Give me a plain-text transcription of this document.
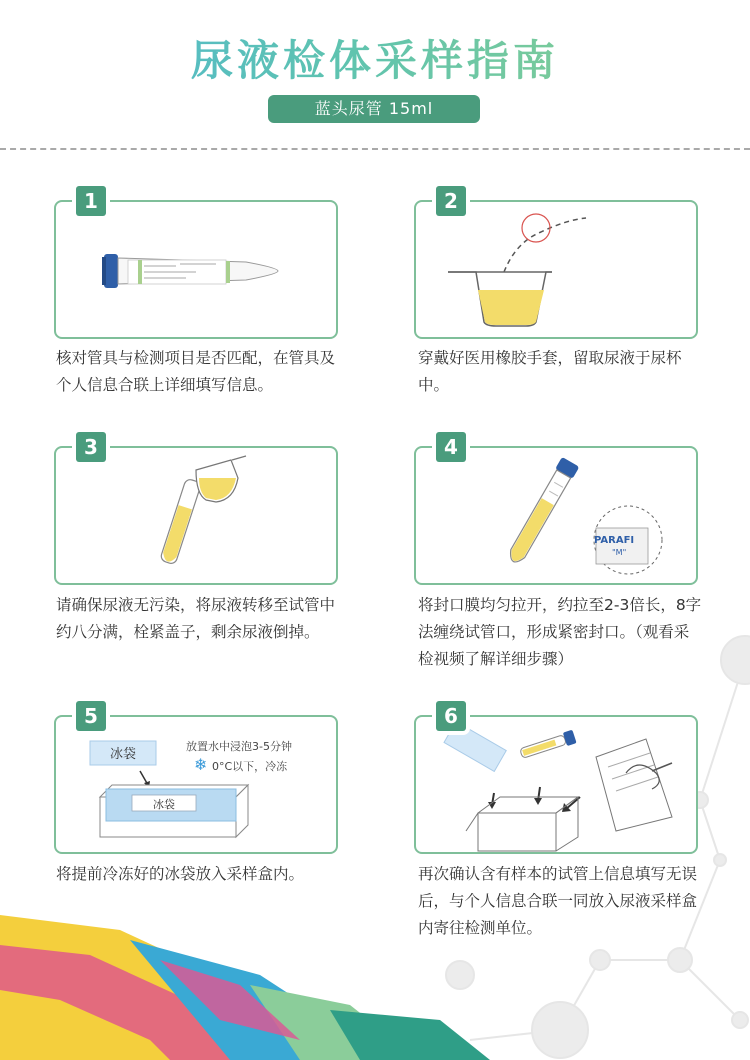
尿液检体采样指南
蓝头尿管 15ml
1
核对管具与检测项目是否匹配，在管具及个人信息合联上详细填写信息。
2
穿戴好医用橡胶手套，留取尿液于尿杯中。
3
请确保尿液无污染，将尿液转移至试管中约八分满，栓紧盖子，剩余尿液倒掉。
PARAFI
"M"
4
将封口膜均匀拉开，约拉至2-3倍长，8字法缠绕试管口，形成紧密封口。（观看采检视频了解详细步骤）
冰袋
放置水中浸泡3-5分钟
❄ 0°C以下，冷冻
冰袋
5
将提前冷冻好的冰袋放入采样盒内。
6
再次确认含有样本的试管上信息填写无误后，与个人信息合联一同放入尿液采样盒内寄往检测单位。
